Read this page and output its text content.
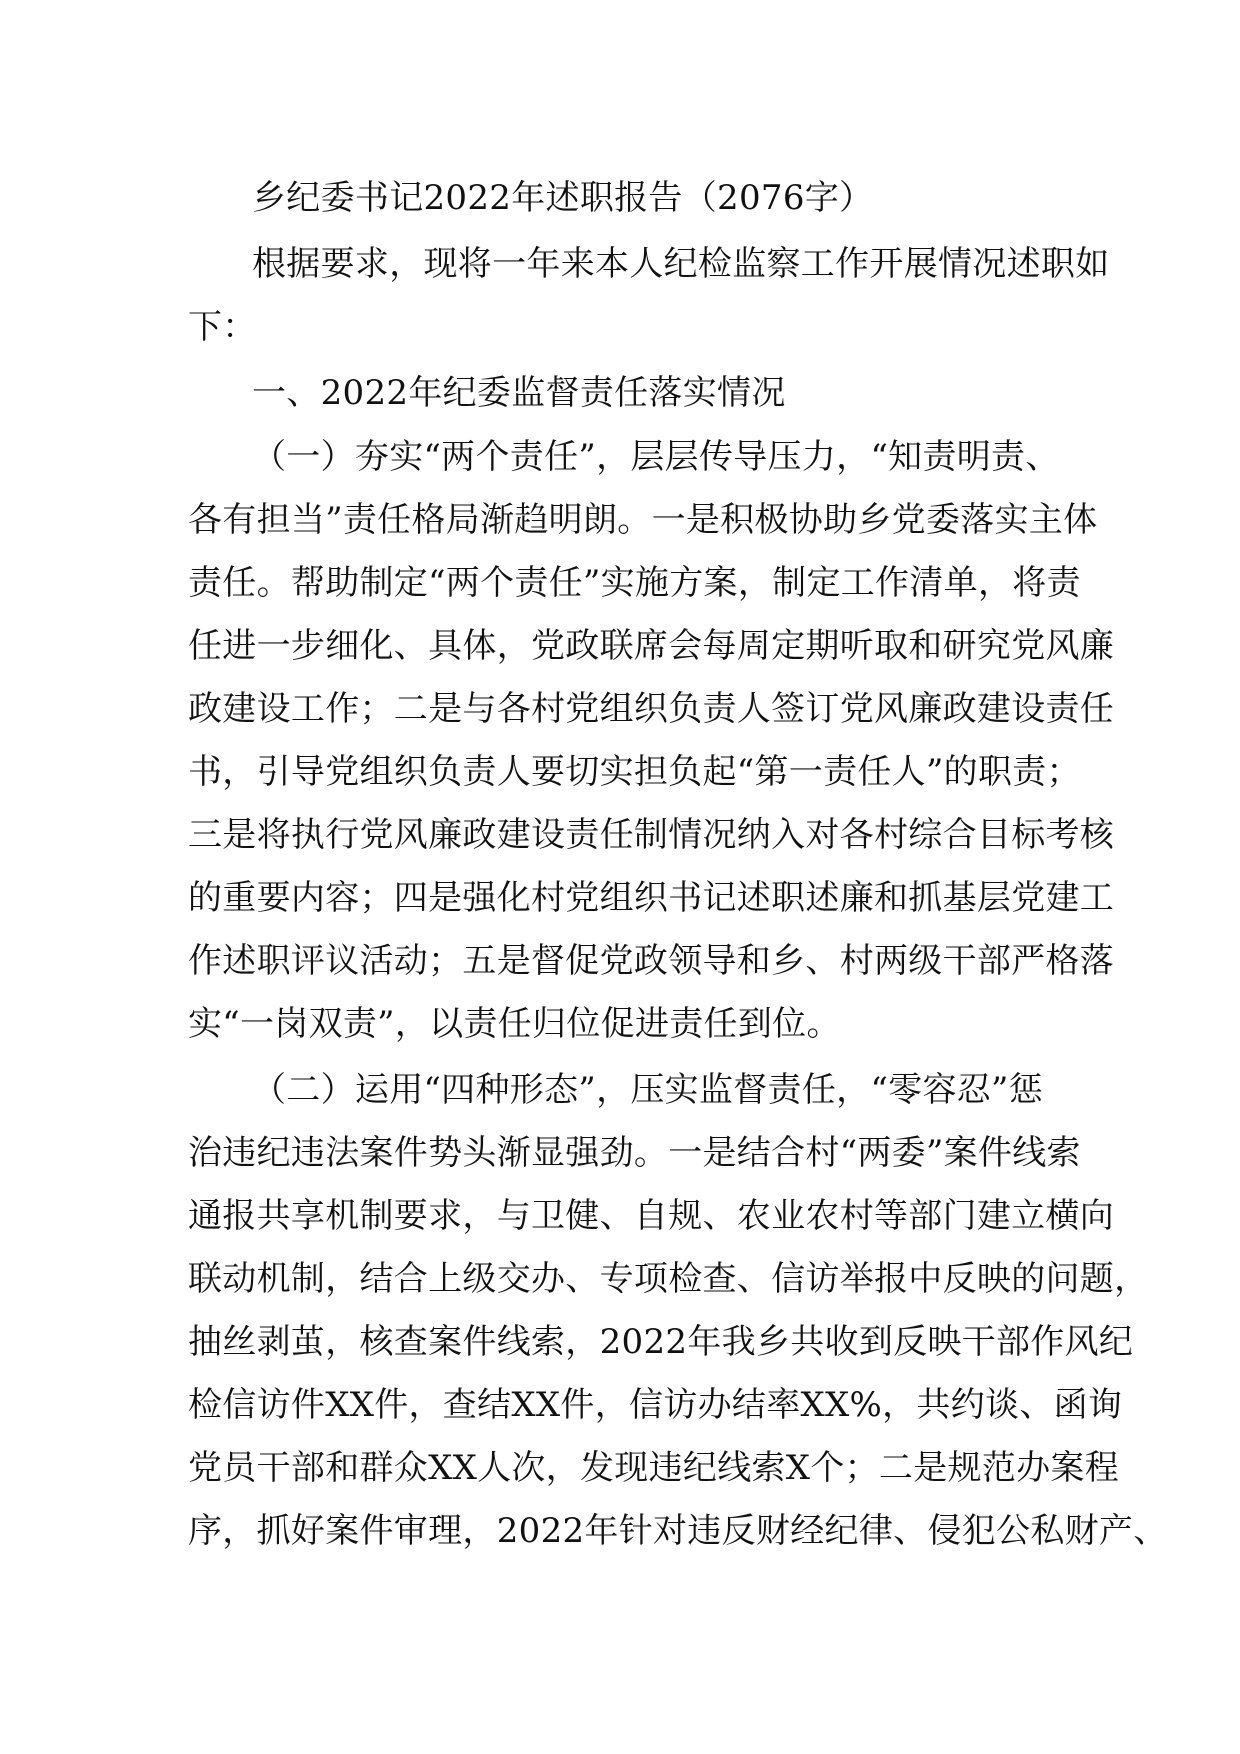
乡纪委书记2022年述职报告（2076字）
根据要求，现将一年来本人纪检监察工作开展情况述职如
下：
一、2022年纪委监督责任落实情况
（一）夯实“两个责任”，层层传导压力，“知责明责、
各有担当”责任格局渐趋明朗。一是积极协助乡党委落实主体
责任。帮助制定“两个责任”实施方案，制定工作清单，将责
任进一步细化、具体，党政联席会每周定期听取和研究党风廉
政建设工作；二是与各村党组织负责人签订党风廉政建设责任
书，引导党组织负责人要切实担负起“第一责任人”的职责；
三是将执行党风廉政建设责任制情况纳入对各村综合目标考核
的重要内容；四是强化村党组织书记述职述廉和抓基层党建工
作述职评议活动；五是督促党政领导和乡、村两级干部严格落
实“一岗双责”，以责任归位促进责任到位。
（二）运用“四种形态”，压实监督责任，“零容忍”惩
治违纪违法案件势头渐显强劲。一是结合村“两委”案件线索
通报共享机制要求，与卫健、自规、农业农村等部门建立横向
联动机制，结合上级交办、专项检查、信访举报中反映的问题，
抽丝剥茧，核查案件线索，2022年我乡共收到反映干部作风纪
检信访件XX件，查结XX件，信访办结率XX%，共约谈、函询
党员干部和群众XX人次，发现违纪线索X个；二是规范办案程
序，抓好案件审理，2022年针对违反财经纪律、侵犯公私财产、
